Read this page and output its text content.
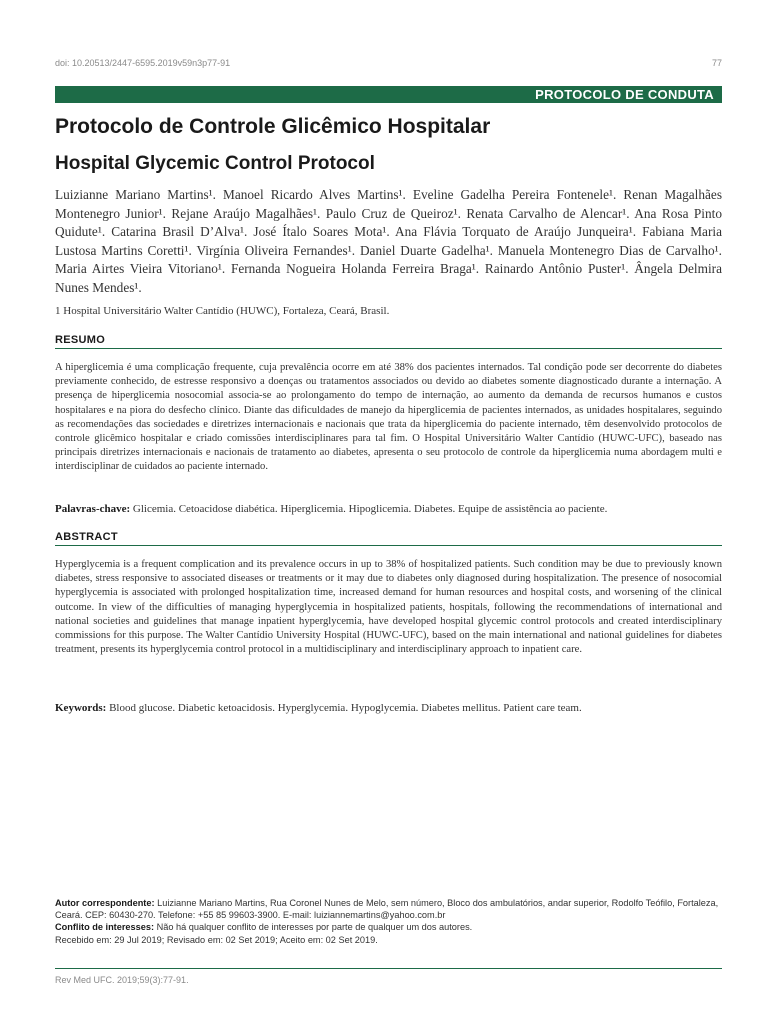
doi: 10.20513/2447-6595.2019v59n3p77-91	77
PROTOCOLO DE CONDUTA
Protocolo de Controle Glicêmico Hospitalar
Hospital Glycemic Control Protocol
Luizianne Mariano Martins¹. Manoel Ricardo Alves Martins¹. Eveline Gadelha Pereira Fontenele¹. Renan Magalhães Montenegro Junior¹. Rejane Araújo Magalhães¹. Paulo Cruz de Queiroz¹. Renata Carvalho de Alencar¹. Ana Rosa Pinto Quidute¹. Catarina Brasil D’Alva¹. José Ítalo Soares Mota¹. Ana Flávia Torquato de Araújo Junqueira¹. Fabiana Maria Lustosa Martins Coretti¹. Virgínia Oliveira Fernandes¹. Daniel Duarte Gadelha¹. Manuela Montenegro Dias de Carvalho¹. Maria Airtes Vieira Vitoriano¹. Fernanda Nogueira Holanda Ferreira Braga¹. Rainardo Antônio Puster¹. Ângela Delmira Nunes Mendes¹.
1 Hospital Universitário Walter Cantídio (HUWC), Fortaleza, Ceará, Brasil.
RESUMO
A hiperglicemia é uma complicação frequente, cuja prevalência ocorre em até 38% dos pacientes internados. Tal condição pode ser decorrente do diabetes previamente conhecido, de estresse responsivo a doenças ou tratamentos associados ou devido ao diabetes somente diagnosticado durante a internação. A presença de hiperglicemia nosocomial associa-se ao prolongamento do tempo de internação, ao aumento da demanda de recursos humanos e custos hospitalares e na piora do desfecho clínico. Diante das dificuldades de manejo da hiperglicemia de pacientes internados, as unidades hospitalares, seguindo as recomendações das sociedades e diretrizes internacionais e nacionais que trata da hiperglicemia do paciente internado, têm desenvolvido protocolos de controle glicêmico hospitalar e criado comissões interdisciplinares para tal fim. O Hospital Universitário Walter Cantídio (HUWC-UFC), baseado nas principais diretrizes internacionais e nacionais de tratamento ao diabetes, apresenta o seu protocolo de controle da hiperglicemia numa abordagem multi e interdisciplinar de cuidados ao paciente internado.
Palavras-chave: Glicemia. Cetoacidose diabética. Hiperglicemia. Hipoglicemia. Diabetes. Equipe de assistência ao paciente.
ABSTRACT
Hyperglycemia is a frequent complication and its prevalence occurs in up to 38% of hospitalized patients. Such condition may be due to previously known diabetes, stress responsive to associated diseases or treatments or it may due to diabetes only diagnosed during hospitalization. The presence of nosocomial hyperglycemia is associated with prolonged hospitalization time, increased demand for human resources and hospital costs, and worsening of the clinical outcome. In view of the difficulties of managing hyperglycemia in hospitalized patients, hospitals, following the recommendations of international and national societies and guidelines that manage inpatient hyperglycemia, have developed hospital glycemic control protocols and created interdisciplinary commissions for this purpose. The Walter Cantídio University Hospital (HUWC-UFC), based on the main international and national guidelines for diabetes treatment, presents its hyperglycemia control protocol in a multidisciplinary and interdisciplinary approach to inpatient care.
Keywords: Blood glucose. Diabetic ketoacidosis. Hyperglycemia. Hypoglycemia. Diabetes mellitus. Patient care team.
Autor correspondente: Luizianne Mariano Martins, Rua Coronel Nunes de Melo, sem número, Bloco dos ambulatórios, andar superior, Rodolfo Teófilo, Fortaleza, Ceará. CEP: 60430-270. Telefone: +55 85 99603-3900. E-mail: luiziannemartins@yahoo.com.br
Conflito de interesses: Não há qualquer conflito de interesses por parte de qualquer um dos autores.
Recebido em: 29 Jul 2019; Revisado em: 02 Set 2019; Aceito em: 02 Set 2019.
Rev Med UFC. 2019;59(3):77-91.
